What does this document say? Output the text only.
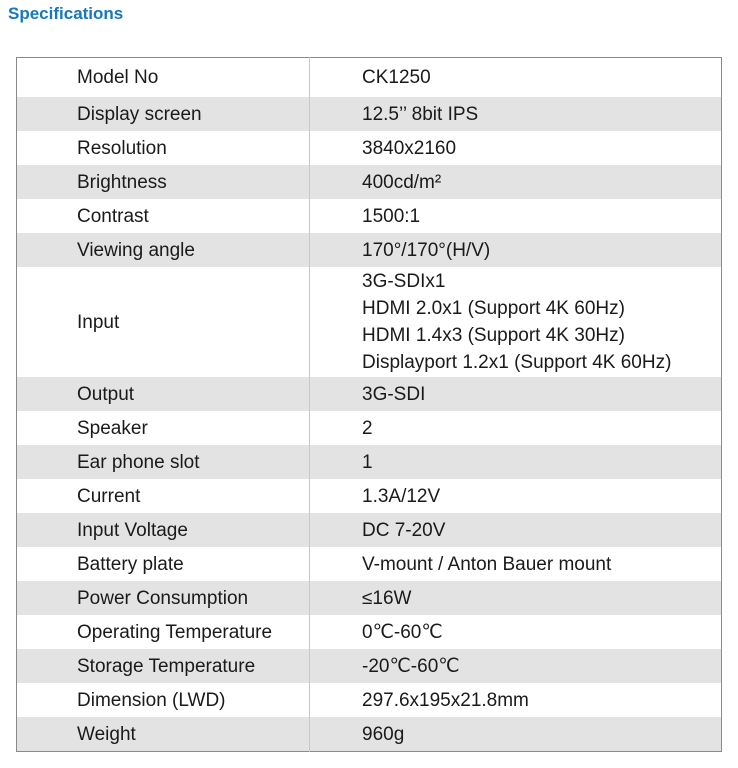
Specifications
Model No	CK1250

Display screen	12.5’’ 8bit IPS

Resolution	3840x2160

Brightness	400cd/m²

Contrast	1500:1

Viewing angle	170°/170°(H/V)

Input	3G-SDIx1
HDMI 2.0x1 (Support 4K 60Hz)
HDMI 1.4x3 (Support 4K 30Hz)
Displayport 1.2x1 (Support 4K 60Hz)

Output	3G-SDI

Speaker	2

Ear phone slot	1

Current	1.3A/12V

Input Voltage	DC 7-20V

Battery plate	V-mount / Anton Bauer mount

Power Consumption	≤16W

Operating Temperature	0℃-60℃

Storage Temperature	-20℃-60℃

Dimension (LWD)	297.6x195x21.8mm

Weight	960g
